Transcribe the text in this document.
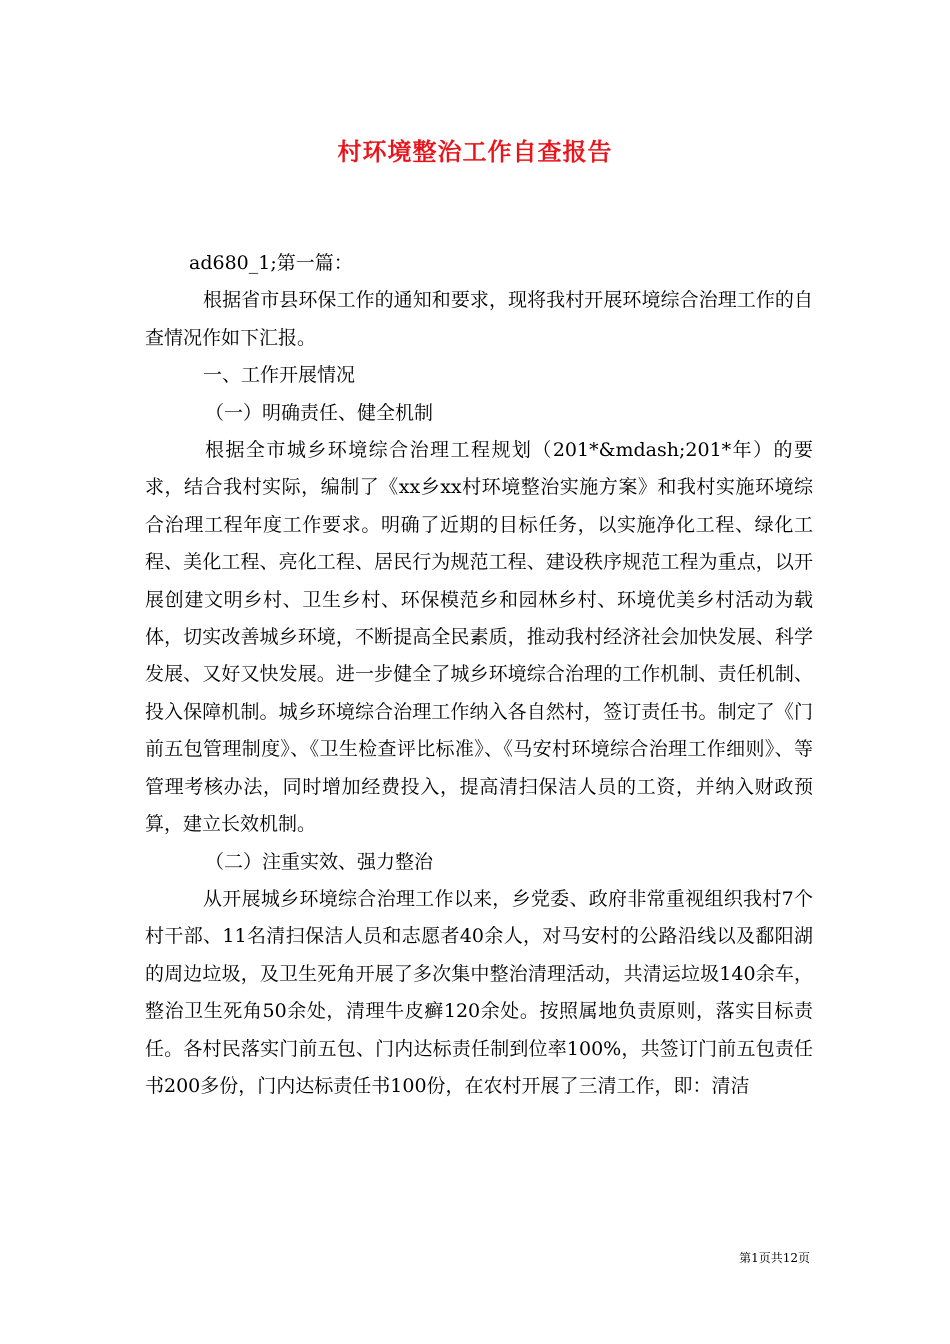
村环境整治工作自查报告

ad680_1;第一篇：

根据省市县环保工作的通知和要求，现将我村开展环境综合治理工作的自查情况作如下汇报。

一、工作开展情况

（一）明确责任、健全机制

根据全市城乡环境综合治理工程规划（201*&mdash;201*年）的要求，结合我村实际，编制了《xx乡xx村环境整治实施方案》和我村实施环境综合治理工程年度工作要求。明确了近期的目标任务，以实施净化工程、绿化工程、美化工程、亮化工程、居民行为规范工程、建设秩序规范工程为重点，以开展创建文明乡村、卫生乡村、环保模范乡和园林乡村、环境优美乡村活动为载体，切实改善城乡环境，不断提高全民素质，推动我村经济社会加快发展、科学发展、又好又快发展。进一步健全了城乡环境综合治理的工作机制、责任机制、投入保障机制。城乡环境综合治理工作纳入各自然村，签订责任书。制定了《门前五包管理制度》、《卫生检查评比标准》、《马安村环境综合治理工作细则》、等管理考核办法，同时增加经费投入，提高清扫保洁人员的工资，并纳入财政预算，建立长效机制。

（二）注重实效、强力整治

从开展城乡环境综合治理工作以来，乡党委、政府非常重视组织我村7个村干部、11名清扫保洁人员和志愿者40余人，对马安村的公路沿线以及鄱阳湖的周边垃圾，及卫生死角开展了多次集中整治清理活动，共清运垃圾140余车，整治卫生死角50余处，清理牛皮癣120余处。按照属地负责原则，落实目标责任。各村民落实门前五包、门内达标责任制到位率100%，共签订门前五包责任书200多份，门内达标责任书100份，在农村开展了三清工作，即：清洁

第1页共12页
